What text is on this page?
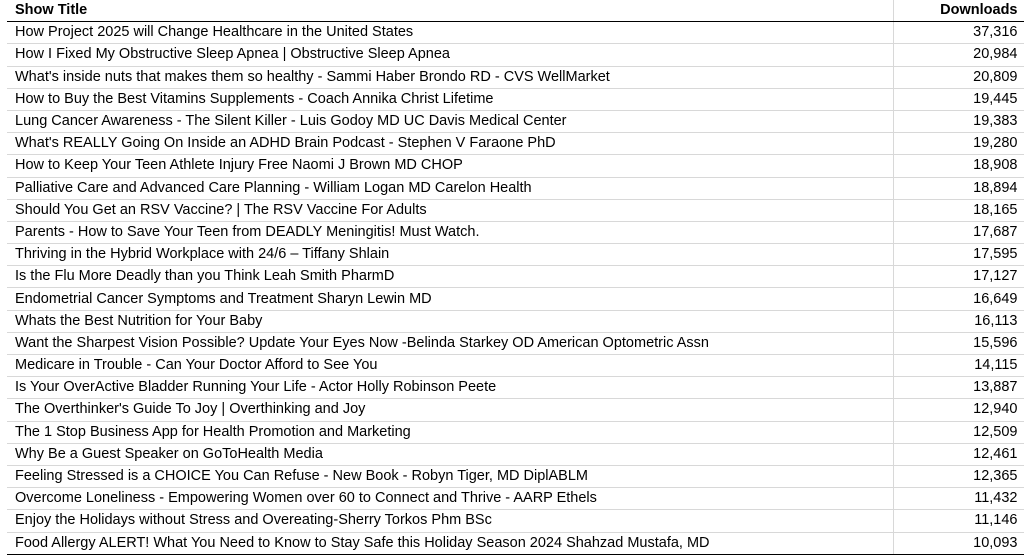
Show Title	Downloads
How Project 2025 will Change Healthcare in the United States	37,316
How I Fixed My Obstructive Sleep Apnea | Obstructive Sleep Apnea	20,984
What's inside nuts that makes them so healthy - Sammi Haber Brondo RD - CVS WellMarket	20,809
How to Buy the Best Vitamins Supplements - Coach Annika Christ Lifetime	19,445
Lung Cancer Awareness - The Silent Killer - Luis Godoy MD UC Davis Medical Center	19,383
What's REALLY Going On Inside an ADHD Brain Podcast - Stephen V Faraone PhD	19,280
How to Keep Your Teen Athlete Injury Free Naomi J Brown MD CHOP	18,908
Palliative Care and Advanced Care Planning - William Logan MD Carelon Health	18,894
Should You Get an RSV Vaccine? | The RSV Vaccine For Adults	18,165
Parents - How to Save Your Teen from DEADLY Meningitis! Must Watch.	17,687
Thriving in the Hybrid Workplace with 24/6 – Tiffany Shlain	17,595
Is the Flu More Deadly than you Think Leah Smith PharmD	17,127
Endometrial Cancer Symptoms and Treatment Sharyn Lewin MD	16,649
Whats the Best Nutrition for Your Baby	16,113
Want the Sharpest Vision Possible? Update Your Eyes Now -Belinda Starkey OD American Optometric Assn	15,596
Medicare in Trouble - Can Your Doctor Afford to See You	14,115
Is Your OverActive Bladder Running Your Life - Actor Holly Robinson Peete	13,887
The Overthinker's Guide To Joy | Overthinking and Joy	12,940
The 1 Stop Business App for Health Promotion and Marketing	12,509
Why Be a Guest Speaker on GoToHealth Media	12,461
Feeling Stressed is a CHOICE You Can Refuse - New Book - Robyn Tiger, MD DiplABLM	12,365
Overcome Loneliness - Empowering Women over 60 to Connect and Thrive - AARP Ethels	11,432
Enjoy the Holidays without Stress and Overeating-Sherry Torkos Phm BSc	11,146
Food Allergy ALERT! What You Need to Know to Stay Safe this Holiday Season 2024 Shahzad Mustafa, MD	10,093
